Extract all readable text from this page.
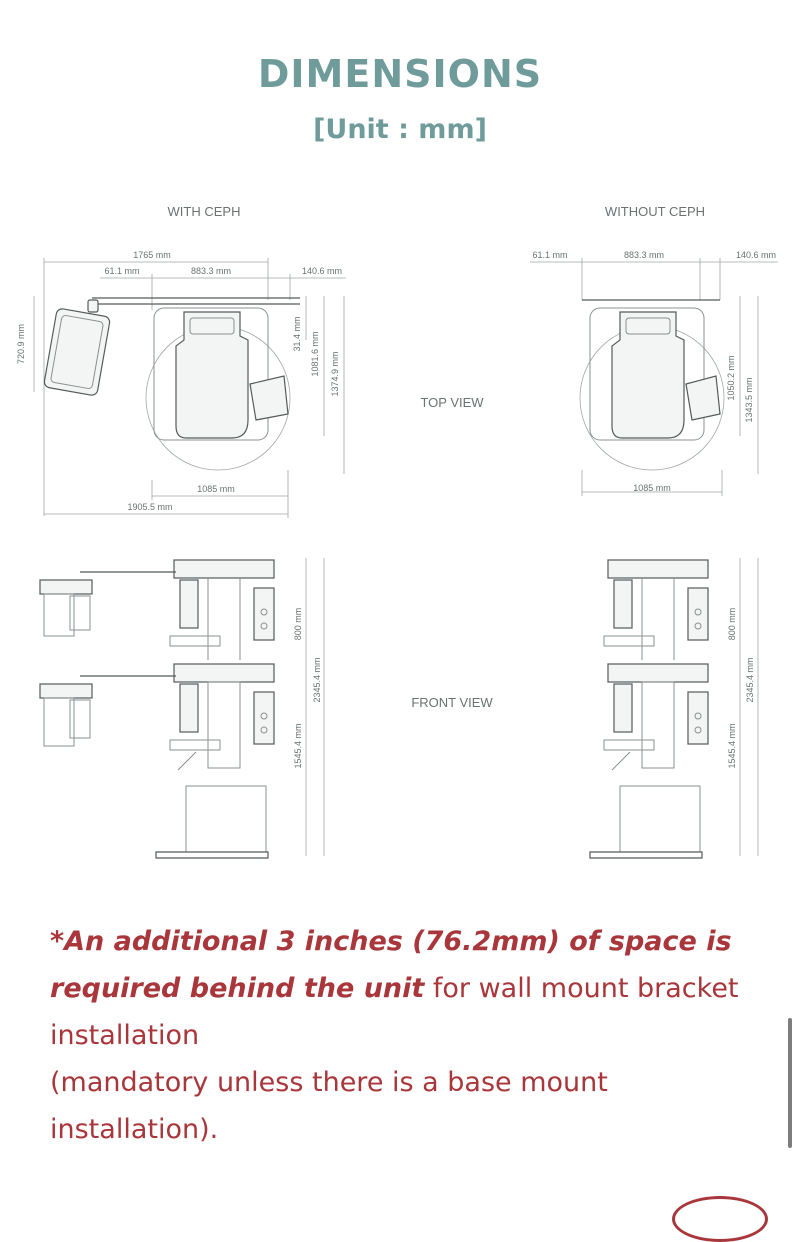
DIMENSIONS
[Unit : mm]
WITH CEPH	WITHOUT CEPH
TOP VIEW
FRONT VIEW
1765 mm
61.1 mm	883.3 mm	140.6 mm
720.9 mm	31.4 mm 1081.6 mm 1374.9 mm
1085 mm
1905.5 mm
61.1 mm	883.3 mm	140.6 mm
1050.2 mm 1343.5 mm
1085 mm
800 mm
2345.4 mm
1545.4 mm
800 mm
2345.4 mm
1545.4 mm
*An additional 3 inches (76.2mm) of space is required behind the unit for wall mount bracket installation
(mandatory unless there is a base mount installation).
